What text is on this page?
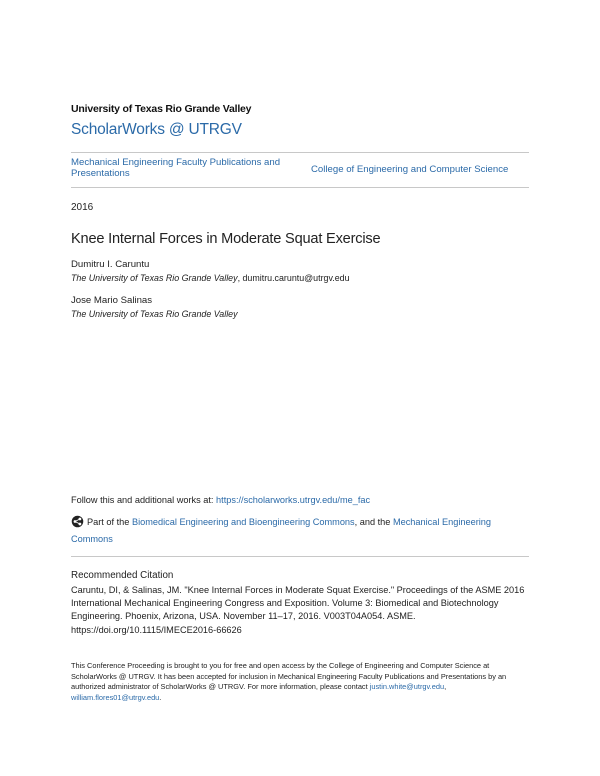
University of Texas Rio Grande Valley
ScholarWorks @ UTRGV
Mechanical Engineering Faculty Publications and Presentations	College of Engineering and Computer Science
2016
Knee Internal Forces in Moderate Squat Exercise
Dumitru I. Caruntu
The University of Texas Rio Grande Valley, dumitru.caruntu@utrgv.edu
Jose Mario Salinas
The University of Texas Rio Grande Valley
Follow this and additional works at: https://scholarworks.utrgv.edu/me_fac
Part of the Biomedical Engineering and Bioengineering Commons, and the Mechanical Engineering Commons
Recommended Citation
Caruntu, DI, & Salinas, JM. "Knee Internal Forces in Moderate Squat Exercise." Proceedings of the ASME 2016 International Mechanical Engineering Congress and Exposition. Volume 3: Biomedical and Biotechnology Engineering. Phoenix, Arizona, USA. November 11–17, 2016. V003T04A054. ASME. https://doi.org/10.1115/IMECE2016-66626
This Conference Proceeding is brought to you for free and open access by the College of Engineering and Computer Science at ScholarWorks @ UTRGV. It has been accepted for inclusion in Mechanical Engineering Faculty Publications and Presentations by an authorized administrator of ScholarWorks @ UTRGV. For more information, please contact justin.white@utrgv.edu, william.flores01@utrgv.edu.
